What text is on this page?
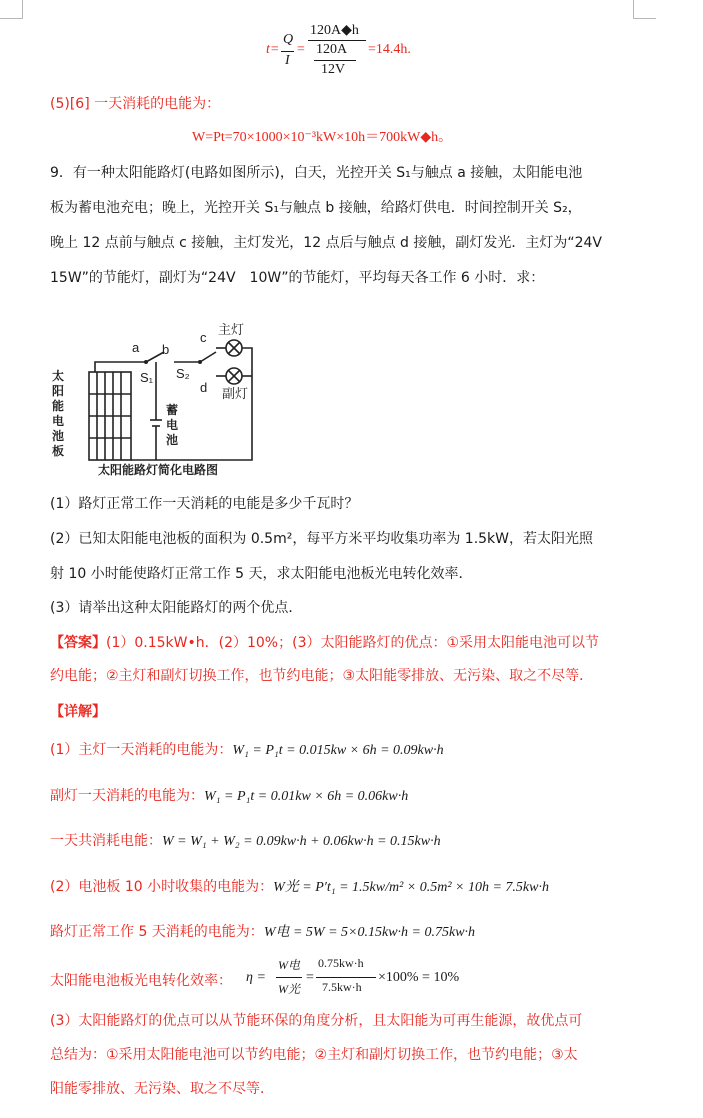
t=
Q
I
=
120A◆h
120A
12V
=14.4h.
(5)[6] 一天消耗的电能为：
W=Pt=70×1000×10⁻³kW×10h＝700kW◆h。
9．有一种太阳能路灯(电路如图所示)，白天，光控开关 S₁与触点 a 接触，太阳能电池
板为蓄电池充电；晚上，光控开关 S₁与触点 b 接触，给路灯供电．时间控制开关 S₂，
晚上 12 点前与触点 c 接触，主灯发光，12 点后与触点 d 接触，副灯发光．主灯为“24V
15W”的节能灯，副灯为“24V　10W”的节能灯，平均每天各工作 6 小时．求：
a b
c
d
S₁ S₂
主灯
副灯
太
阳
能
电
池
板
蓄
电
池
太阳能路灯简化电路图
(1）路灯正常工作一天消耗的电能是多少千瓦时？
(2）已知太阳能电池板的面积为 0.5m²，每平方米平均收集功率为 1.5kW，若太阳光照
射 10 小时能使路灯正常工作 5 天，求太阳能电池板光电转化效率．
(3）请举出这种太阳能路灯的两个优点．
【答案】(1）0.15kW•h．(2）10%；(3）太阳能路灯的优点：①采用太阳能电池可以节
约电能；②主灯和副灯切换工作，也节约电能；③太阳能零排放、无污染、取之不尽等．
【详解】
(1）主灯一天消耗的电能为：W₁ = P₁t = 0.015kw × 6h = 0.09kw·h
副灯一天消耗的电能为：W₁ = P₁t = 0.01kw × 6h = 0.06kw·h
一天共消耗电能：W = W₁ + W₂ = 0.09kw·h + 0.06kw·h = 0.15kw·h
(2）电池板 10 小时收集的电能为：W光 = P′t₁ = 1.5kw/m² × 0.5m² × 10h = 7.5kw·h
路灯正常工作 5 天消耗的电能为：W电 = 5W = 5×0.15kw·h = 0.75kw·h
太阳能电池板光电转化效率： η =
W电
W光
=
0.75kw·h
7.5kw·h
×100% = 10%
(3）太阳能路灯的优点可以从节能环保的角度分析，且太阳能为可再生能源，故优点可
总结为：①采用太阳能电池可以节约电能；②主灯和副灯切换工作，也节约电能；③太
阳能零排放、无污染、取之不尽等．
